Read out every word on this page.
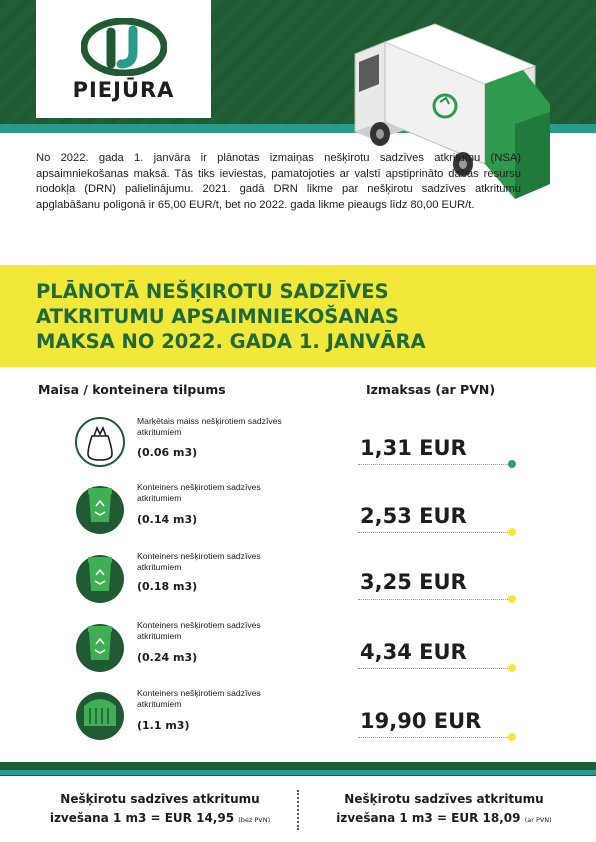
PIEJŪRA
No 2022. gada 1. janvāra ir plānotas izmaiņas nešķirotu sadzīves atkritumu (NSA) apsaimniekošanas maksā. Tās tiks ieviestas, pamatojoties ar valstī apstiprināto dabas resursu nodokļa (DRN) palielinājumu. 2021. gadā DRN likme par nešķirotu sadzīves atkritumu apglabāšanu poligonā ir 65,00 EUR/t, bet no 2022. gada likme pieaugs līdz 80,00 EUR/t.
PLĀNOTĀ NEŠĶIROTU SADZĪVES
ATKRITUMU APSAIMNIEKOŠANAS
MAKSA NO 2022. GADA 1. JANVĀRA
Maisa / konteinera tilpums	Izmaksas (ar PVN)
Marķētais maiss nešķirotiem sadzīves atkritumiem
(0.06 m3)	1,31 EUR
Konteiners nešķirotiem sadzīves atkritumiem
(0.14 m3)	2,53 EUR
Konteiners nešķirotiem sadzīves atkritumiem
(0.18 m3)	3,25 EUR
Konteiners nešķirotiem sadzīves atkritumiem
(0.24 m3)	4,34 EUR
Konteiners nešķirotiem sadzīves atkritumiem
(1.1 m3)	19,90 EUR
Nešķirotu sadzīves atkritumu
izvešana 1 m3 = EUR 14,95 (bez PVN)
Nešķirotu sadzīves atkritumu
izvešana 1 m3 = EUR 18,09 (ar PVN)
